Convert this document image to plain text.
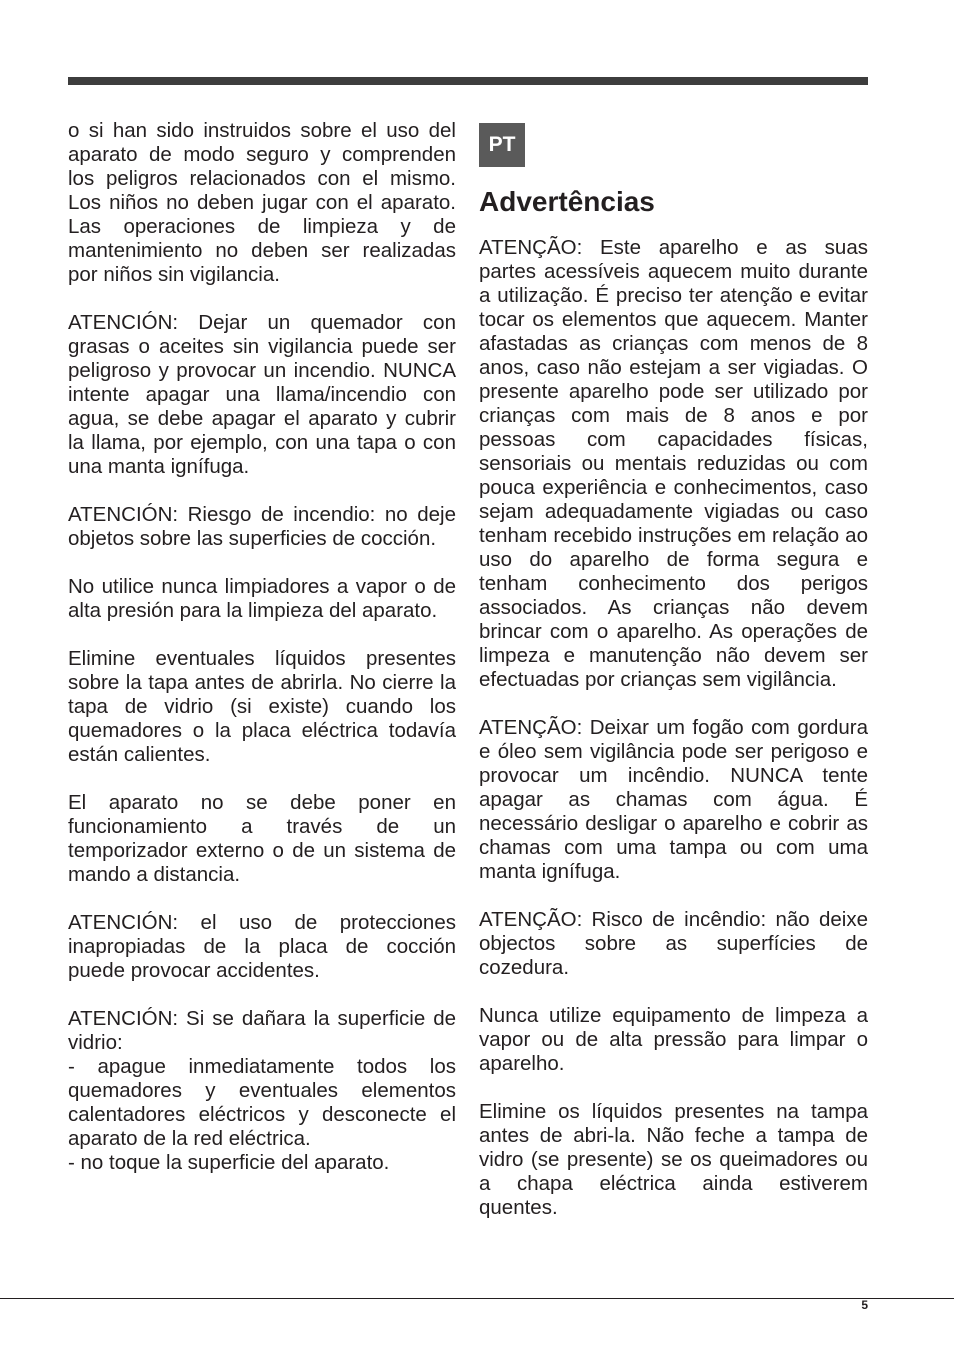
o si han sido instruidos sobre el uso del aparato de modo seguro y comprenden los peligros relacionados con el mismo. Los niños no deben jugar con el aparato. Las operaciones de limpieza y de mantenimiento no deben ser realizadas por niños sin vigilancia.

ATENCIÓN: Dejar un quemador con grasas o aceites sin vigilancia puede ser peligroso y provocar un incendio. NUNCA intente apagar una llama/incendio con agua, se debe apagar el aparato y cubrir la llama, por ejemplo, con una tapa o con una manta ignífuga.

ATENCIÓN: Riesgo de incendio: no deje objetos sobre las superficies de cocción.

No utilice nunca limpiadores a vapor o de alta presión para la limpieza del aparato.

Elimine eventuales líquidos presentes sobre la tapa antes de abrirla. No cierre la tapa de vidrio (si existe) cuando los quemadores o la placa eléctrica todavía están calientes.

El aparato no se debe poner en funcionamiento a través de un temporizador externo o de un sistema de mando a distancia.

ATENCIÓN: el uso de protecciones inapropiadas de la placa de cocción puede provocar accidentes.

ATENCIÓN: Si se dañara la superficie de vidrio:
- apague inmediatamente todos los quemadores y eventuales elementos calentadores eléctricos y desconecte el aparato de la red eléctrica.
- no toque la superficie del aparato.

PT
Advertências

ATENÇÃO: Este aparelho e as suas partes acessíveis aquecem muito durante a utilização. É preciso ter atenção e evitar tocar os elementos que aquecem. Manter afastadas as crianças com menos de 8 anos, caso não estejam a ser vigiadas. O presente aparelho pode ser utilizado por crianças com mais de 8 anos e por pessoas com capacidades físicas, sensoriais ou mentais reduzidas ou com pouca experiência e conhecimentos, caso sejam adequadamente vigiadas ou caso tenham recebido instruções em relação ao uso do aparelho de forma segura e tenham conhecimento dos perigos associados. As crianças não devem brincar com o aparelho. As operações de limpeza e manutenção não devem ser efectuadas por crianças sem vigilância.

ATENÇÃO: Deixar um fogão com gordura e óleo sem vigilância pode ser perigoso e provocar um incêndio. NUNCA tente apagar as chamas com água. É necessário desligar o aparelho e cobrir as chamas com uma tampa ou com uma manta ignífuga.

ATENÇÃO: Risco de incêndio: não deixe objectos sobre as superfícies de cozedura.

Nunca utilize equipamento de limpeza a vapor ou de alta pressão para limpar o aparelho.

Elimine os líquidos presentes na tampa antes de abri-la. Não feche a tampa de vidro (se presente) se os queimadores ou a chapa eléctrica ainda estiverem quentes.

5
